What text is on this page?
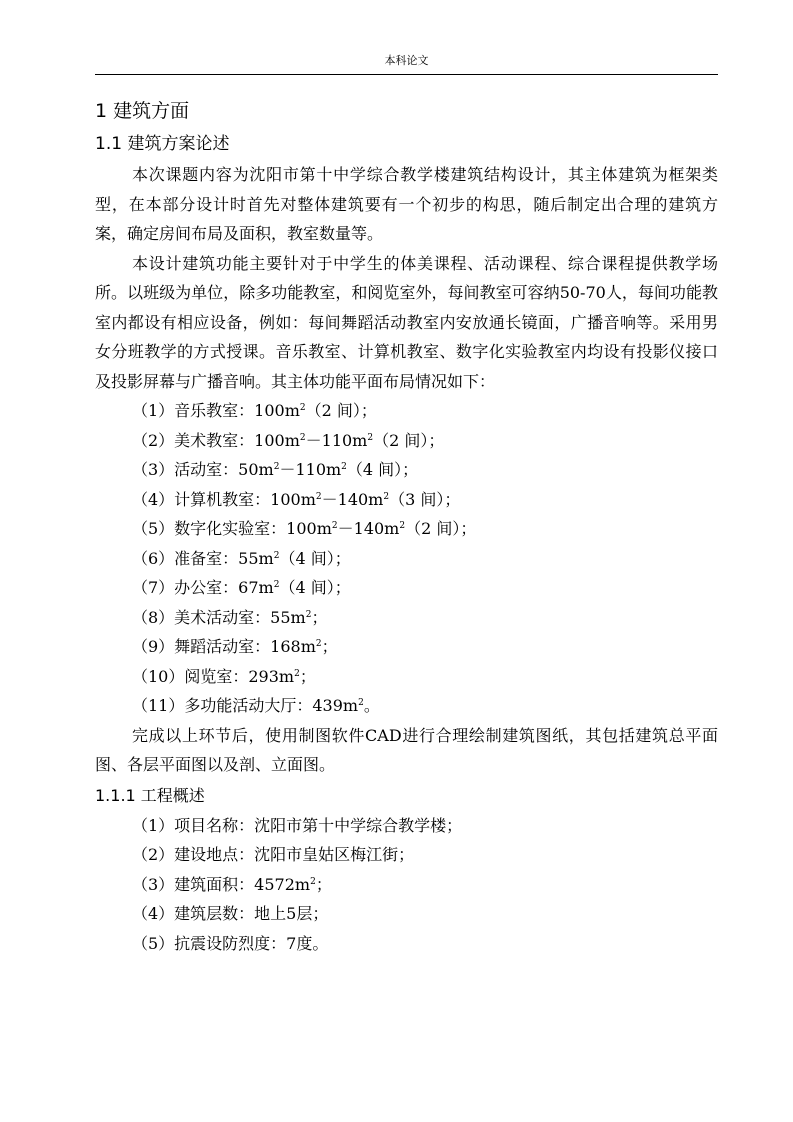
本科论文
1 建筑方面
1.1 建筑方案论述

本次课题内容为沈阳市第十中学综合教学楼建筑结构设计，其主体建筑为框架类型，在本部分设计时首先对整体建筑要有一个初步的构思，随后制定出合理的建筑方案，确定房间布局及面积，教室数量等。

本设计建筑功能主要针对于中学生的体美课程、活动课程、综合课程提供教学场所。以班级为单位，除多功能教室，和阅览室外，每间教室可容纳50-70人，每间功能教室内都设有相应设备，例如：每间舞蹈活动教室内安放通长镜面，广播音响等。采用男女分班教学的方式授课。音乐教室、计算机教室、数字化实验教室内均设有投影仪接口及投影屏幕与广播音响。其主体功能平面布局情况如下：

（1）音乐教室：$100m^2(2$ 间）；
（2）美术教室：$100m^2-110m^2(2$ 间）；
（3）活动室：$50m^2-110m^2(4$ 间）；
（4）计算机教室：$100m^2-140m^2(3$ 间）；
（5）数字化实验室：$100m^2-140m^2(2$ 间）；
（6）准备室：$55m^2(4$ 间）；
（7）办公室：$67m^2(4$ 间）；
（8）美术活动室：$55m^2$；
（9）舞蹈活动室：$168m^2$；
（10）阅览室：$293m^2$；
（11）多功能活动大厅：$439m^2$。

完成以上环节后，使用制图软件CAD进行合理绘制建筑图纸，其包括建筑总平面图、各层平面图以及剖、立面图。

1.1.1 工程概述
（1）项目名称：沈阳市第十中学综合教学楼；
（2）建设地点：沈阳市皇姑区梅江街；
（3）建筑面积：$4572m^2$；
（4）建筑层数：地上5层；
（5）抗震设防烈度：7度。
